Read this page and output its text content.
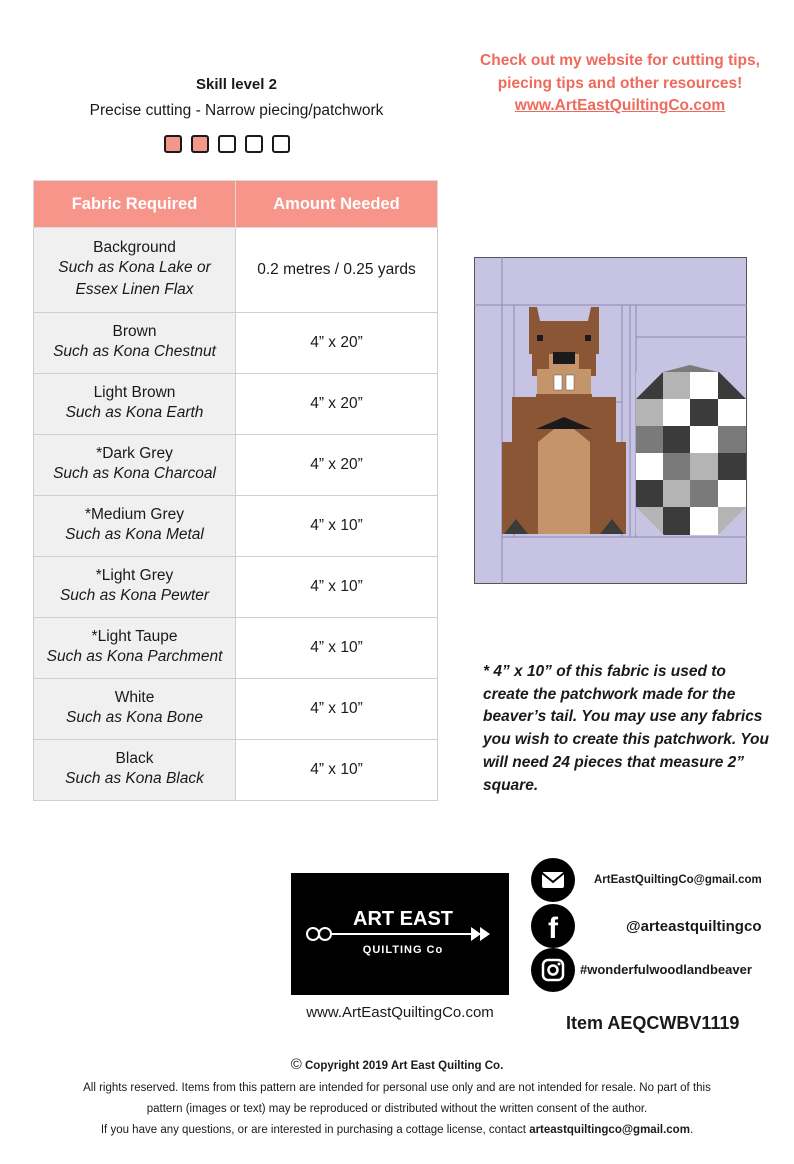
Skill level 2
Precise cutting - Narrow piecing/patchwork
Check out my website for cutting tips,
piecing tips and other resources!
www.ArtEastQuiltingCo.com
Fabric Required	Amount Needed

Background
Such as Kona Lake or
Essex Linen Flax	0.2 metres / 0.25 yards

Brown
Such as Kona Chestnut	4” x 20”

Light Brown
Such as Kona Earth	4” x 20”

*Dark Grey
Such as Kona Charcoal	4” x 20”

*Medium Grey
Such as Kona Metal	4” x 10”

*Light Grey
Such as Kona Pewter	4” x 10”

*Light Taupe
Such as Kona Parchment	4” x 10”

White
Such as Kona Bone	4” x 10”

Black
Such as Kona Black	4” x 10”
* 4” x 10” of this fabric is used to create the patchwork made for the beaver’s tail. You may use any fabrics you wish to create this patchwork. You will need 24 pieces that measure 2” square.
ART EAST
QUILTING Co
www.ArtEastQuiltingCo.com
ArtEastQuiltingCo@gmail.com
f	@arteastquiltingco
#wonderfulwoodlandbeaver
Item AEQCWBV1119
© Copyright 2019 Art East Quilting Co.
All rights reserved. Items from this pattern are intended for personal use only and are not intended for resale. No part of this
pattern (images or text) may be reproduced or distributed without the written consent of the author.
If you have any questions, or are interested in purchasing a cottage license, contact arteastquiltingco@gmail.com.
